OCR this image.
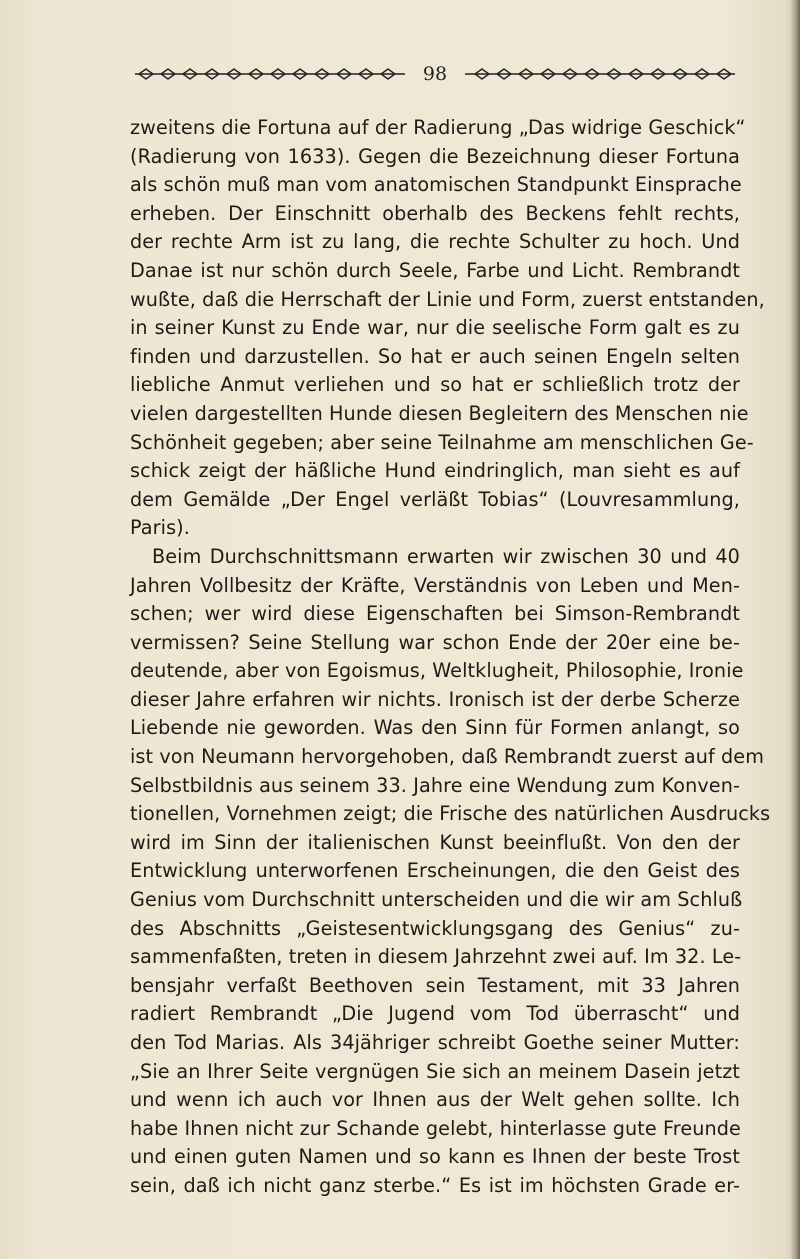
98

zweitens die Fortuna auf der Radierung „Das widrige Geschick“
(Radierung von 1633). Gegen die Bezeichnung dieser Fortuna
als schön muß man vom anatomischen Standpunkt Einsprache
erheben. Der Einschnitt oberhalb des Beckens fehlt rechts,
der rechte Arm ist zu lang, die rechte Schulter zu hoch. Und
Danae ist nur schön durch Seele, Farbe und Licht. Rembrandt
wußte, daß die Herrschaft der Linie und Form, zuerst entstanden,
in seiner Kunst zu Ende war, nur die seelische Form galt es zu
finden und darzustellen. So hat er auch seinen Engeln selten
liebliche Anmut verliehen und so hat er schließlich trotz der
vielen dargestellten Hunde diesen Begleitern des Menschen nie
Schönheit gegeben; aber seine Teilnahme am menschlichen Ge-
schick zeigt der häßliche Hund eindringlich, man sieht es auf
dem Gemälde „Der Engel verläßt Tobias“ (Louvresammlung,
Paris).

Beim Durchschnittsmann erwarten wir zwischen 30 und 40
Jahren Vollbesitz der Kräfte, Verständnis von Leben und Men-
schen; wer wird diese Eigenschaften bei Simson-Rembrandt
vermissen? Seine Stellung war schon Ende der 20er eine be-
deutende, aber von Egoismus, Weltklugheit, Philosophie, Ironie
dieser Jahre erfahren wir nichts. Ironisch ist der derbe Scherze
Liebende nie geworden. Was den Sinn für Formen anlangt, so
ist von Neumann hervorgehoben, daß Rembrandt zuerst auf dem
Selbstbildnis aus seinem 33. Jahre eine Wendung zum Konven-
tionellen, Vornehmen zeigt; die Frische des natürlichen Ausdrucks
wird im Sinn der italienischen Kunst beeinflußt. Von den der
Entwicklung unterworfenen Erscheinungen, die den Geist des
Genius vom Durchschnitt unterscheiden und die wir am Schluß
des Abschnitts „Geistesentwicklungsgang des Genius“ zu-
sammenfaßten, treten in diesem Jahrzehnt zwei auf. Im 32. Le-
bensjahr verfaßt Beethoven sein Testament, mit 33 Jahren
radiert Rembrandt „Die Jugend vom Tod überrascht“ und
den Tod Marias. Als 34jähriger schreibt Goethe seiner Mutter:
„Sie an Ihrer Seite vergnügen Sie sich an meinem Dasein jetzt
und wenn ich auch vor Ihnen aus der Welt gehen sollte. Ich
habe Ihnen nicht zur Schande gelebt, hinterlasse gute Freunde
und einen guten Namen und so kann es Ihnen der beste Trost
sein, daß ich nicht ganz sterbe.“ Es ist im höchsten Grade er-
